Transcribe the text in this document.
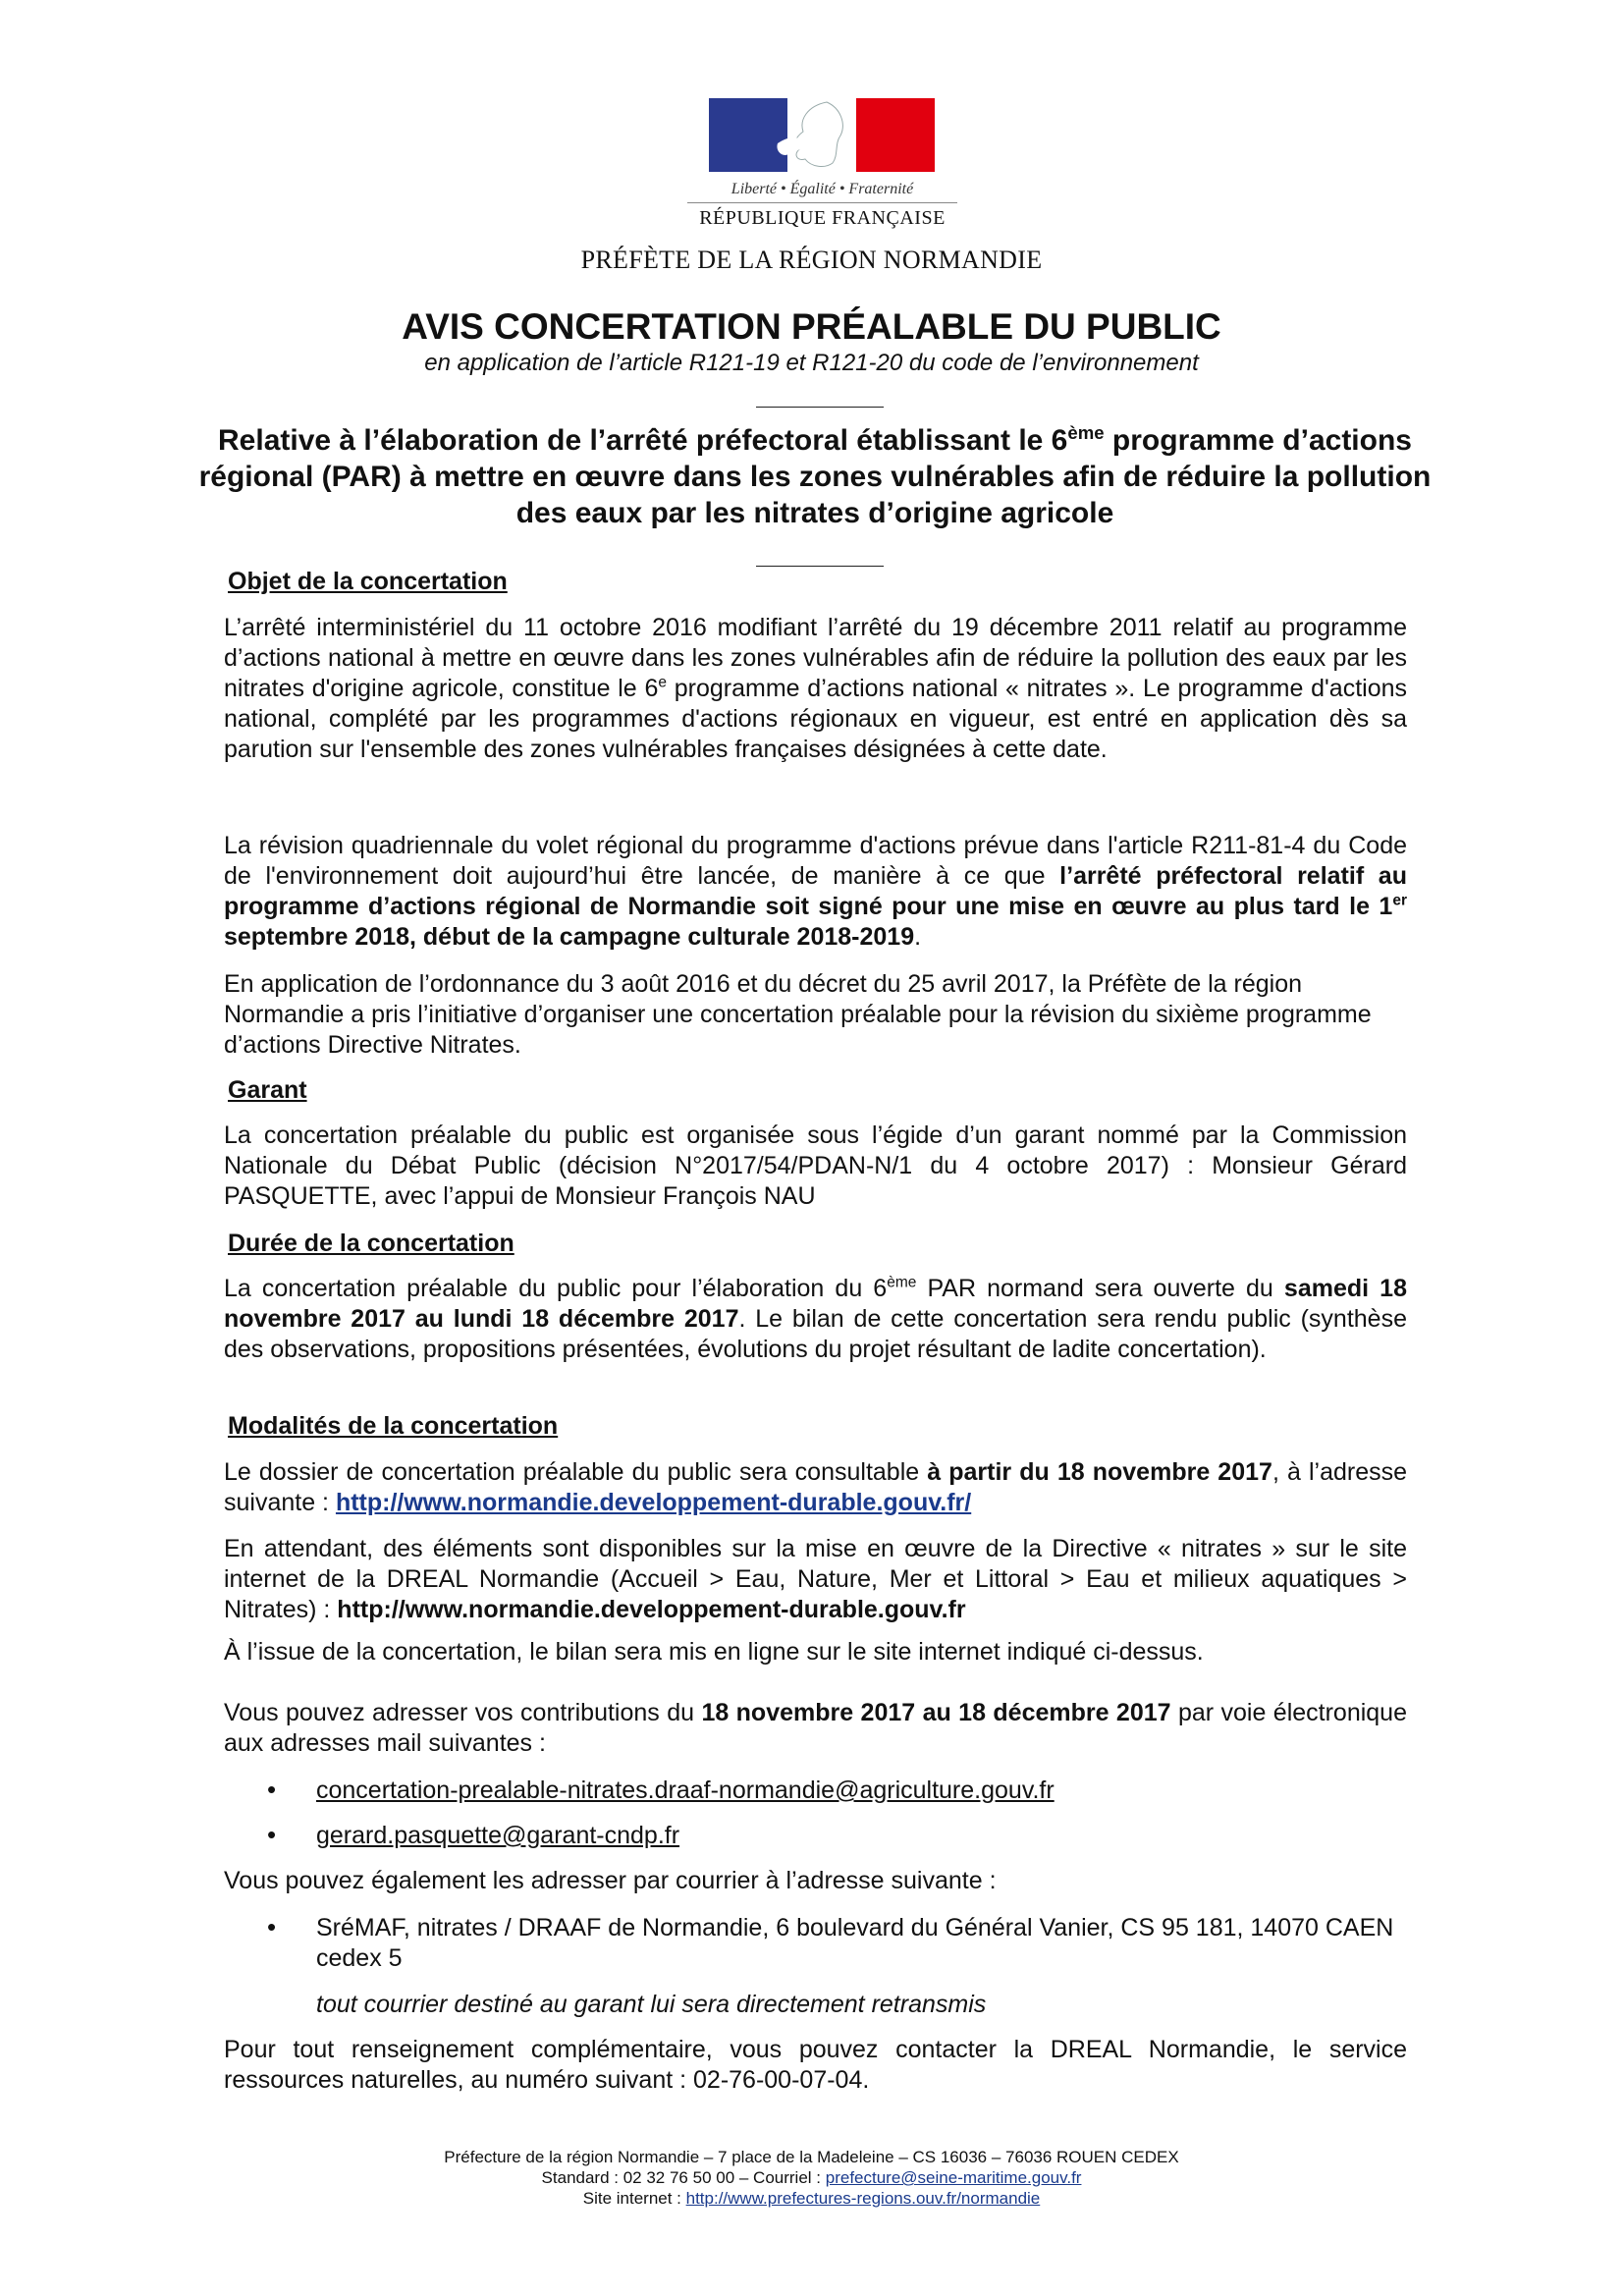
Liberté • Égalité • Fraternité
RÉPUBLIQUE FRANÇAISE
PRÉFÈTE DE LA RÉGION NORMANDIE
AVIS CONCERTATION PRÉALABLE DU PUBLIC
en application de l’article R121-19 et R121-20 du code de l’environnement
Relative à l’élaboration de l’arrêté préfectoral établissant le 6ème programme d’actions régional (PAR) à mettre en œuvre dans les zones vulnérables afin de réduire la pollution des eaux par les nitrates d’origine agricole
Objet de la concertation

L’arrêté interministériel du 11 octobre 2016 modifiant l’arrêté du 19 décembre 2011 relatif au programme d’actions national à mettre en œuvre dans les zones vulnérables afin de réduire la pollution des eaux par les nitrates d'origine agricole, constitue le 6e programme d’actions national « nitrates ». Le programme d'actions national, complété par les programmes d'actions régionaux en vigueur, est entré en application dès sa parution sur l'ensemble des zones vulnérables françaises désignées à cette date.

La révision quadriennale du volet régional du programme d'actions prévue dans l'article R211-81-4 du Code de l'environnement doit aujourd’hui être lancée, de manière à ce que l’arrêté préfectoral relatif au programme d’actions régional de Normandie soit signé pour une mise en œuvre au plus tard le 1er septembre 2018, début de la campagne culturale 2018-2019.

En application de l’ordonnance du 3 août 2016 et du décret du 25 avril 2017, la Préfète de la région Normandie a pris l’initiative d’organiser une concertation préalable pour la révision du sixième programme d’actions Directive Nitrates.
Garant

La concertation préalable du public est organisée sous l’égide d’un garant nommé par la Commission Nationale du Débat Public (décision N°2017/54/PDAN-N/1 du 4 octobre 2017) : Monsieur Gérard PASQUETTE, avec l’appui de Monsieur François NAU

Durée de la concertation

La concertation préalable du public pour l’élaboration du 6ème PAR normand sera ouverte du samedi 18 novembre 2017 au lundi 18 décembre 2017. Le bilan de cette concertation sera rendu public (synthèse des observations, propositions présentées, évolutions du projet résultant de ladite concertation).

Modalités de la concertation

Le dossier de concertation préalable du public sera consultable à partir du 18 novembre 2017, à l’adresse suivante : http://www.normandie.developpement-durable.gouv.fr/

En attendant, des éléments sont disponibles sur la mise en œuvre de la Directive « nitrates » sur le site internet de la DREAL Normandie (Accueil > Eau, Nature, Mer et Littoral > Eau et milieux aquatiques > Nitrates) : http://www.normandie.developpement-durable.gouv.fr

À l’issue de la concertation, le bilan sera mis en ligne sur le site internet indiqué ci-dessus.

Vous pouvez adresser vos contributions du 18 novembre 2017 au 18 décembre 2017 par voie électronique aux adresses mail suivantes :

• concertation-prealable-nitrates.draaf-normandie@agriculture.gouv.fr
• gerard.pasquette@garant-cndp.fr
Vous pouvez également les adresser par courrier à l’adresse suivante :
• SréMAF, nitrates / DRAAF de Normandie, 6 boulevard du Général Vanier, CS 95 181, 14070 CAEN cedex 5
tout courrier destiné au garant lui sera directement retransmis

Pour tout renseignement complémentaire, vous pouvez contacter la DREAL Normandie, le service ressources naturelles, au numéro suivant : 02-76-00-07-04.

Préfecture de la région Normandie – 7 place de la Madeleine – CS 16036 – 76036 ROUEN CEDEX
Standard : 02 32 76 50 00 – Courriel : prefecture@seine-maritime.gouv.fr
Site internet : http://www.prefectures-regions.ouv.fr/normandie
